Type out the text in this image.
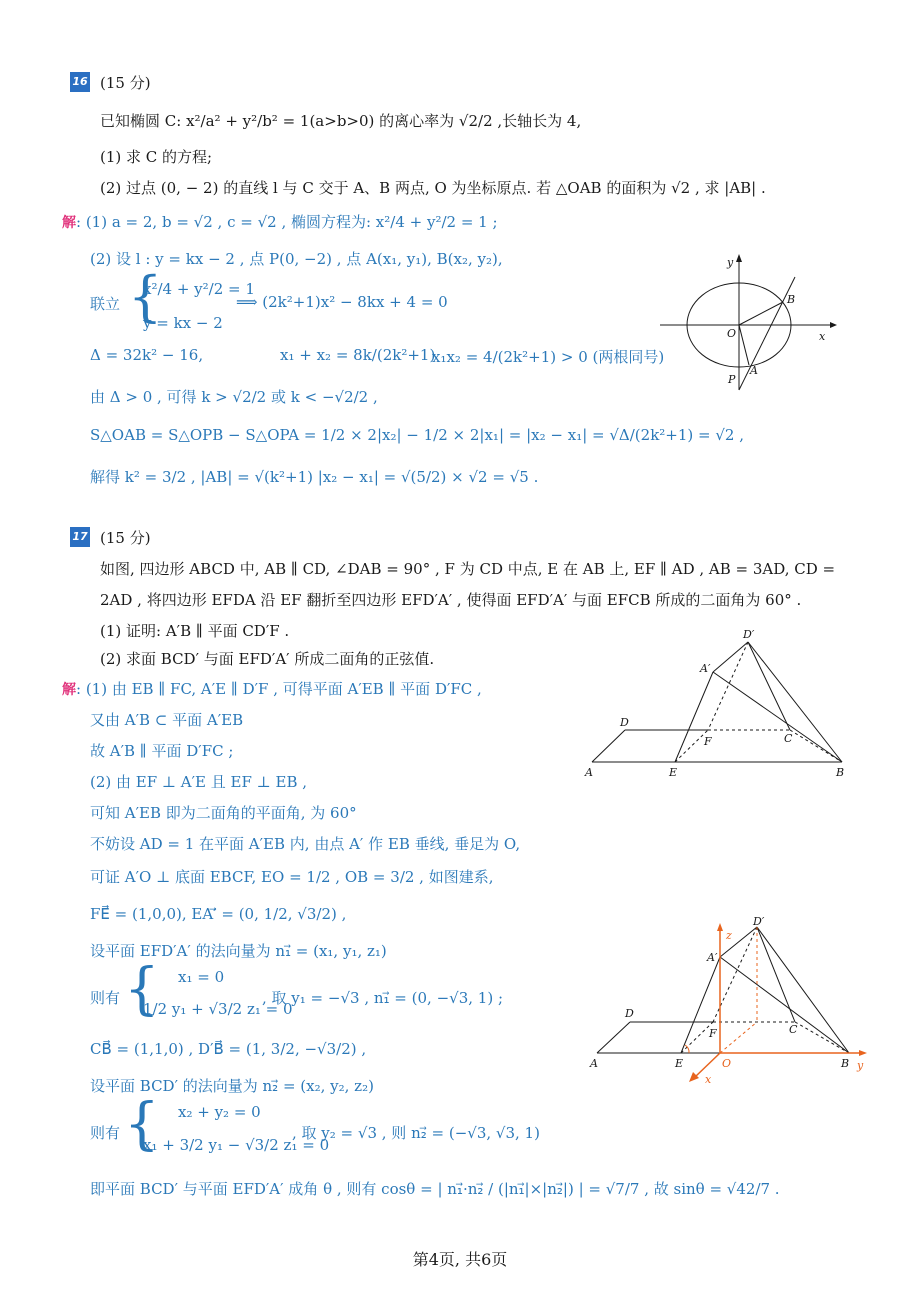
16 (15 分)
已知椭圆 C: x²/a² + y²/b² = 1(a>b>0) 的离心率为 √2/2 ,长轴长为 4,
(1) 求 C 的方程;
(2) 过点 (0, − 2) 的直线 l 与 C 交于 A、B 两点, O 为坐标原点. 若 △OAB 的面积为 √2 , 求 |AB| .
解: (1) a = 2, b = √2 , c = √2 , 椭圆方程为: x²/4 + y²/2 = 1 ;
(2) 设 l : y = kx − 2 , 点 P(0, −2) , 点 A(x₁, y₁), B(x₂, y₂),
联立 {
x²/4 + y²/2 = 1
y = kx − 2
⟹ (2k²+1)x² − 8kx + 4 = 0
Δ = 32k² − 16,	x₁ + x₂ = 8k/(2k²+1)
x₁x₂ = 4/(2k²+1) > 0 (两根同号)
由 Δ > 0 , 可得 k > √2/2 或 k < −√2/2 ,
S△OAB = S△OPB − S△OPA = 1/2 × 2|x₂| − 1/2 × 2|x₁| = |x₂ − x₁| = √Δ/(2k²+1) = √2 ,
解得 k² = 3/2 , |AB| = √(k²+1) |x₂ − x₁| = √(5/2) × √2 = √5 .
y
x
O
B
A
P
17 (15 分)
如图, 四边形 ABCD 中, AB ∥ CD, ∠DAB = 90° , F 为 CD 中点, E 在 AB 上, EF ∥ AD , AB = 3AD, CD =
2AD , 将四边形 EFDA 沿 EF 翻折至四边形 EFD′A′ , 使得面 EFD′A′ 与面 EFCB 所成的二面角为 60° .
(1) 证明: A′B ∥ 平面 CD′F .
(2) 求面 BCD′ 与面 EFD′A′ 所成二面角的正弦值.
解: (1) 由 EB ∥ FC, A′E ∥ D′F , 可得平面 A′EB ∥ 平面 D′FC ,
又由 A′B ⊂ 平面 A′EB
故 A′B ∥ 平面 D′FC ;
(2) 由 EF ⊥ A′E 且 EF ⊥ EB ,
可知 A′EB 即为二面角的平面角, 为 60°
不妨设 AD = 1 在平面 A′EB 内, 由点 A′ 作 EB 垂线, 垂足为 O,
可证 A′O ⊥ 底面 EBCF, EO = 1/2 , OB = 3/2 , 如图建系,
FE⃗ = (1,0,0), EA′⃗ = (0, 1/2, √3/2) ,
设平面 EFD′A′ 的法向量为 n₁⃗ = (x₁, y₁, z₁)
则有 { x₁ = 0
1/2 y₁ + √3/2 z₁ = 0
, 取 y₁ = −√3 , n₁⃗ = (0, −√3, 1) ;
CB⃗ = (1,1,0) , D′B⃗ = (1, 3/2, −√3/2) ,
设平面 BCD′ 的法向量为 n₂⃗ = (x₂, y₂, z₂)
则有 { x₂ + y₂ = 0
x₁ + 3/2 y₁ − √3/2 z₁ = 0
, 取 y₂ = √3 , 则 n₂⃗ = (−√3, √3, 1)
即平面 BCD′ 与平面 EFD′A′ 成角 θ , 则有 cosθ = | n₁⃗·n₂⃗ / (|n₁⃗|×|n₂⃗|) | = √7/7 , 故 sinθ = √42/7 .
D′
A′
D
F	C
A	E	B
D′
z
A′
D
F	C
A	E	O
x
B y
第4页, 共6页
